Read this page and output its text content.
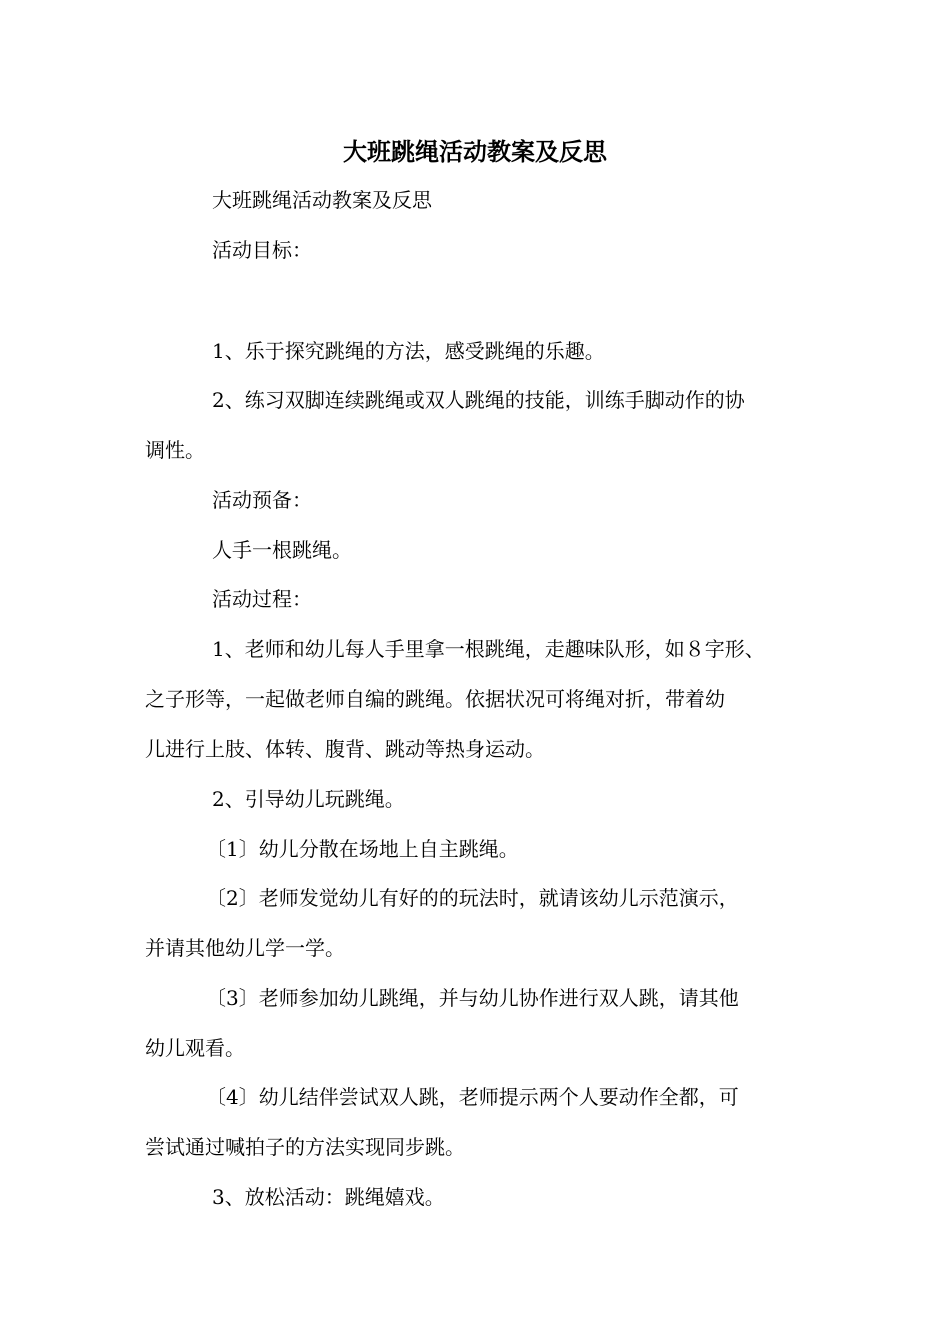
大班跳绳活动教案及反思

大班跳绳活动教案及反思

活动目标：

1、乐于探究跳绳的方法，感受跳绳的乐趣。

2、练习双脚连续跳绳或双人跳绳的技能，训练手脚动作的协

调性。

活动预备：

人手一根跳绳。

活动过程：

1、老师和幼儿每人手里拿一根跳绳，走趣味队形，如８字形、

之子形等，一起做老师自编的跳绳。依据状况可将绳对折，带着幼

儿进行上肢、体转、腹背、跳动等热身运动。

2、引导幼儿玩跳绳。

〔1〕幼儿分散在场地上自主跳绳。

〔2〕老师发觉幼儿有好的的玩法时，就请该幼儿示范演示，

并请其他幼儿学一学。

〔3〕老师参加幼儿跳绳，并与幼儿协作进行双人跳，请其他

幼儿观看。

〔4〕幼儿结伴尝试双人跳，老师提示两个人要动作全都，可

尝试通过喊拍子的方法实现同步跳。

3、放松活动：跳绳嬉戏。
